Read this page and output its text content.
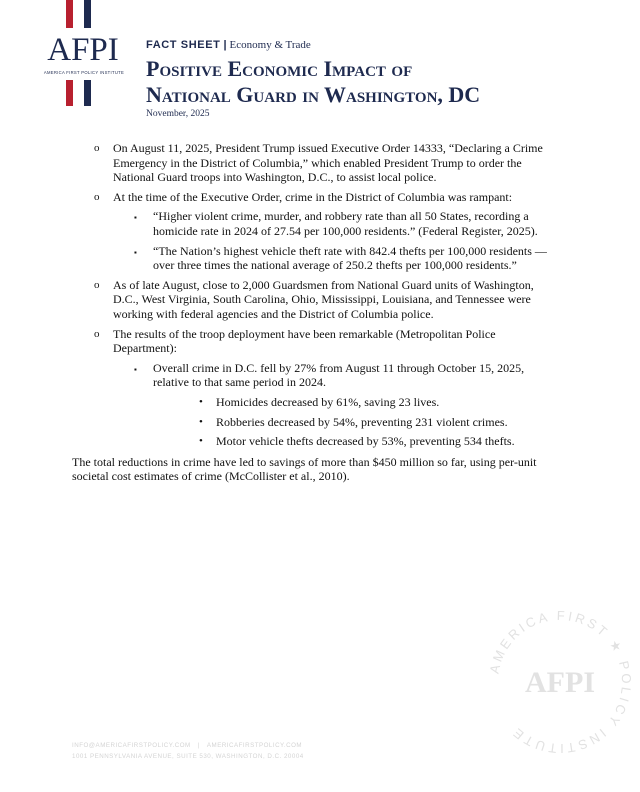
AFPI
AMERICA FIRST POLICY INSTITUTE
FACT SHEET | Economy & Trade
Positive Economic Impact of
National Guard in Washington, DC
November, 2025
o On August 11, 2025, President Trump issued Executive Order 14333, “Declaring a Crime Emergency in the District of Columbia,” which enabled President Trump to order the National Guard troops into Washington, D.C., to assist local police.
o At the time of the Executive Order, crime in the District of Columbia was rampant:
▪ “Higher violent crime, murder, and robbery rate than all 50 States, recording a homicide rate in 2024 of 27.54 per 100,000 residents.” (Federal Register, 2025).
▪ “The Nation’s highest vehicle theft rate with 842.4 thefts per 100,000 residents — over three times the national average of 250.2 thefts per 100,000 residents.”
o As of late August, close to 2,000 Guardsmen from National Guard units of Washington, D.C., West Virginia, South Carolina, Ohio, Mississippi, Louisiana, and Tennessee were working with federal agencies and the District of Columbia police.
o The results of the troop deployment have been remarkable (Metropolitan Police Department):
▪ Overall crime in D.C. fell by 27% from August 11 through October 15, 2025, relative to that same period in 2024.
• Homicides decreased by 61%, saving 23 lives.
• Robberies decreased by 54%, preventing 231 violent crimes.
• Motor vehicle thefts decreased by 53%, preventing 534 thefts.
The total reductions in crime have led to savings of more than $450 million so far, using per-unit societal cost estimates of crime (McCollister et al., 2010).
AMERICA FIRST ★ POLICY INSTITUTE
AFPI
INFO@AMERICAFIRSTPOLICY.COM | AMERICAFIRSTPOLICY.COM
1001 PENNSYLVANIA AVENUE, SUITE 530, WASHINGTON, D.C. 20004
